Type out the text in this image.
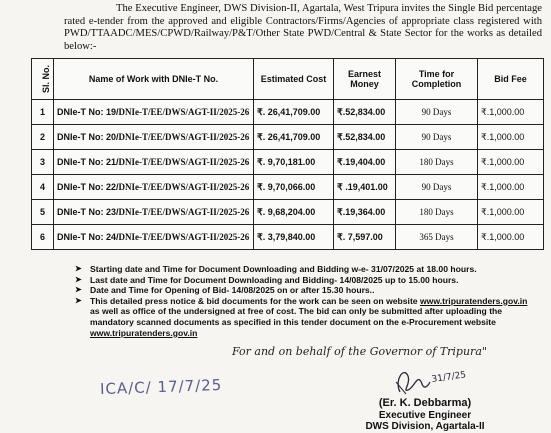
The Executive Engineer, DWS Division-II, Agartala, West Tripura invites the Single Bid percentage rated e-tender from the approved and eligible Contractors/Firms/Agencies of appropriate class registered with PWD/TTAADC/MES/CPWD/Railway/P&T/Other State PWD/Central & State Sector for the works as detailed below:-

Sl. No.	Name of Work with DNIe-T No.	Estimated Cost	Earnest Money	Time for Completion	Bid Fee
1	DNIe-T No: 19/DNIe-T/EE/DWS/AGT-II/2025-26	₹. 26,41,709.00	₹.52,834.00	90 Days	₹.1,000.00
2	DNIe-T No: 20/DNIe-T/EE/DWS/AGT-II/2025-26	₹. 26,41,709.00	₹.52,834.00	90 Days	₹.1,000.00
3	DNIe-T No: 21/DNIe-T/EE/DWS/AGT-II/2025-26	₹. 9,70,181.00	₹.19,404.00	180 Days	₹.1,000.00
4	DNIe-T No: 22/DNIe-T/EE/DWS/AGT-II/2025-26	₹. 9,70,066.00	₹ .19,401.00	90 Days	₹.1,000.00
5	DNIe-T No: 23/DNIe-T/EE/DWS/AGT-II/2025-26	₹. 9,68,204.00	₹.19,364.00	180 Days	₹.1,000.00
6	DNIe-T No: 24/DNIe-T/EE/DWS/AGT-II/2025-26	₹. 3,79,840.00	₹. 7,597.00	365 Days	₹.1,000.00
➤ Starting date and Time for Document Downloading and Bidding w-e- 31/07/2025 at 18.00 hours.
➤ Last date and Time for Document Downloading and Bidding- 14/08/2025 up to 15.00 hours.
➤ Date and Time for Opening of Bid- 14/08/2025 on or after 15.30 hours..
➤ This detailed press notice & bid documents for the work can be seen on website www.tripuratenders.gov.in
as well as office of the undersigned at free of cost. The bid can only be submitted after uploading the mandatory scanned documents as specified in this tender document on the e-Procurement website
www.tripuratenders.gov.in
For and on behalf of the Governor of Tripura"
ICA/C/ 17/7/25	31/7/25
(Er. K. Debbarma)
Executive Engineer
DWS Division, Agartala-II
